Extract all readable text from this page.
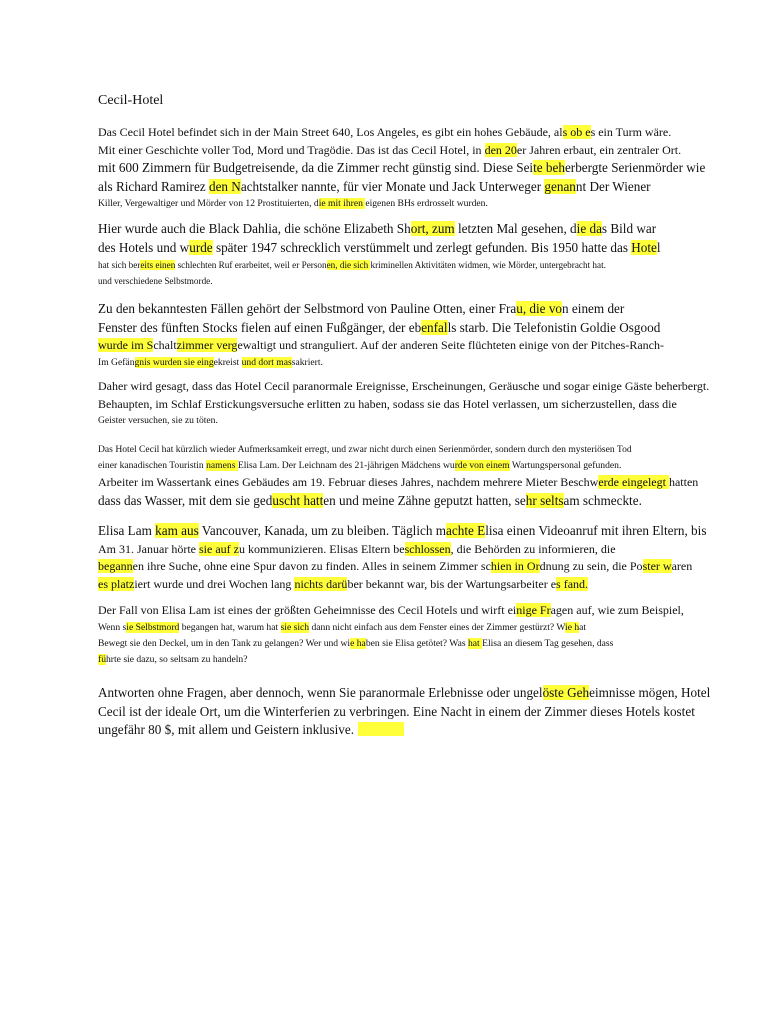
Cecil-Hotel
Das Cecil Hotel befindet sich in der Main Street 640, Los Angeles, es gibt ein hohes Gebäude, als ob es ein Turm wäre.
Mit einer Geschichte voller Tod, Mord und Tragödie. Das ist das Cecil Hotel, in den 20er Jahren erbaut, ein zentraler Ort.
mit 600 Zimmern für Budgetreisende, da die Zimmer recht günstig sind. Diese Seite beherbergte Serienmörder wie
als Richard Ramirez den Nachtstalker nannte, für vier Monate und Jack Unterweger genannt Der Wiener
Killer, Vergewaltiger und Mörder von 12 Prostituierten, die mit ihren eigenen BHs erdrosselt wurden.
Hier wurde auch die Black Dahlia, die schöne Elizabeth Short, zum letzten Mal gesehen, die das Bild war
des Hotels und wurde später 1947 schrecklich verstümmelt und zerlegt gefunden. Bis 1950 hatte das Hotel
hat sich bereits einen schlechten Ruf erarbeitet, weil er Personen, die sich kriminellen Aktivitäten widmen, wie Mörder, untergebracht hat.
und verschiedene Selbstmorde.
Zu den bekanntesten Fällen gehört der Selbstmord von Pauline Otten, einer Frau, die von einem der
Fenster des fünften Stocks fielen auf einen Fußgänger, der ebenfalls starb. Die Telefonistin Goldie Osgood
wurde im Schaltzimmer vergewaltigt und stranguliert. Auf der anderen Seite flüchteten einige von der Pitches-Ranch-
Im Gefängnis wurden sie eingekreist und dort massakriert.
Daher wird gesagt, dass das Hotel Cecil paranormale Ereignisse, Erscheinungen, Geräusche und sogar einige Gäste beherbergt.
Behaupten, im Schlaf Erstickungsversuche erlitten zu haben, sodass sie das Hotel verlassen, um sicherzustellen, dass die
Geister versuchen, sie zu töten.
Das Hotel Cecil hat kürzlich wieder Aufmerksamkeit erregt, und zwar nicht durch einen Serienmörder, sondern durch den mysteriösen Tod
einer kanadischen Touristin namens Elisa Lam. Der Leichnam des 21-jährigen Mädchens wurde von einem Wartungspersonal gefunden.
Arbeiter im Wassertank eines Gebäudes am 19. Februar dieses Jahres, nachdem mehrere Mieter Beschwerde eingelegt hatten
dass das Wasser, mit dem sie geduscht hatten und meine Zähne geputzt hatten, sehr seltsam schmeckte.
Elisa Lam kam aus Vancouver, Kanada, um zu bleiben. Täglich machte Elisa einen Videoanruf mit ihren Eltern, bis
Am 31. Januar hörte sie auf zu kommunizieren. Elisas Eltern beschlossen, die Behörden zu informieren, die
begannen ihre Suche, ohne eine Spur davon zu finden. Alles in seinem Zimmer schien in Ordnung zu sein, die Poster waren
es platziert wurde und drei Wochen lang nichts darüber bekannt war, bis der Wartungsarbeiter es fand.
Der Fall von Elisa Lam ist eines der größten Geheimnisse des Cecil Hotels und wirft einige Fragen auf, wie zum Beispiel,
Wenn sie Selbstmord begangen hat, warum hat sie sich dann nicht einfach aus dem Fenster eines der Zimmer gestürzt? Wie hat
Bewegt sie den Deckel, um in den Tank zu gelangen? Wer und wie haben sie Elisa getötet? Was hat Elisa an diesem Tag gesehen, dass
führte sie dazu, so seltsam zu handeln?
Antworten ohne Fragen, aber dennoch, wenn Sie paranormale Erlebnisse oder ungelöste Geheimnisse mögen, Hotel
Cecil ist der ideale Ort, um die Winterferien zu verbringen. Eine Nacht in einem der Zimmer dieses Hotels kostet
ungefähr 80 $, mit allem und Geistern inklusive.
